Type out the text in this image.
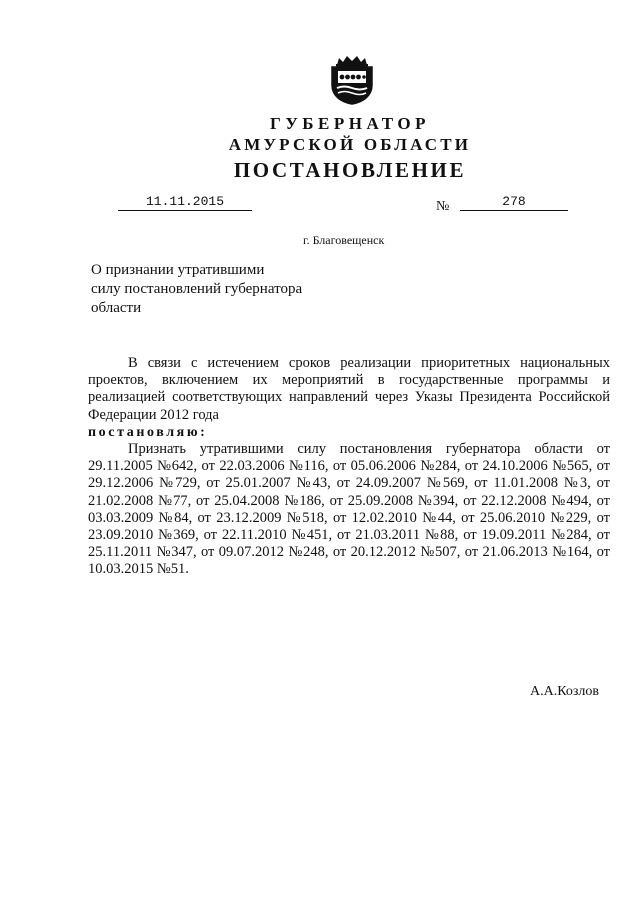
ГУБЕРНАТОР
АМУРСКОЙ ОБЛАСТИ
ПОСТАНОВЛЕНИЕ
11.11.2015	№	278
г. Благовещенск
О признании утратившими
силу постановлений губернатора
области

В связи с истечением сроков реализации приоритетных национальных проектов, включением их мероприятий в государственные программы и реализацией соответствующих направлений через Указы Президента Российской Федерации 2012 года

постановляю:

Признать утратившими силу постановления губернатора области от 29.11.2005 №642, от 22.03.2006 №116, от 05.06.2006 №284, от 24.10.2006 №565, от 29.12.2006 №729, от 25.01.2007 №43, от 24.09.2007 №569, от 11.01.2008 №3, от 21.02.2008 №77, от 25.04.2008 №186, от 25.09.2008 №394, от 22.12.2008 №494, от 03.03.2009 №84, от 23.12.2009 №518, от 12.02.2010 №44, от 25.06.2010 №229, от 23.09.2010 №369, от 22.11.2010 №451, от 21.03.2011 №88, от 19.09.2011 №284, от 25.11.2011 №347, от 09.07.2012 №248, от 20.12.2012 №507, от 21.06.2013 №164, от 10.03.2015 №51.

А.А.Козлов
